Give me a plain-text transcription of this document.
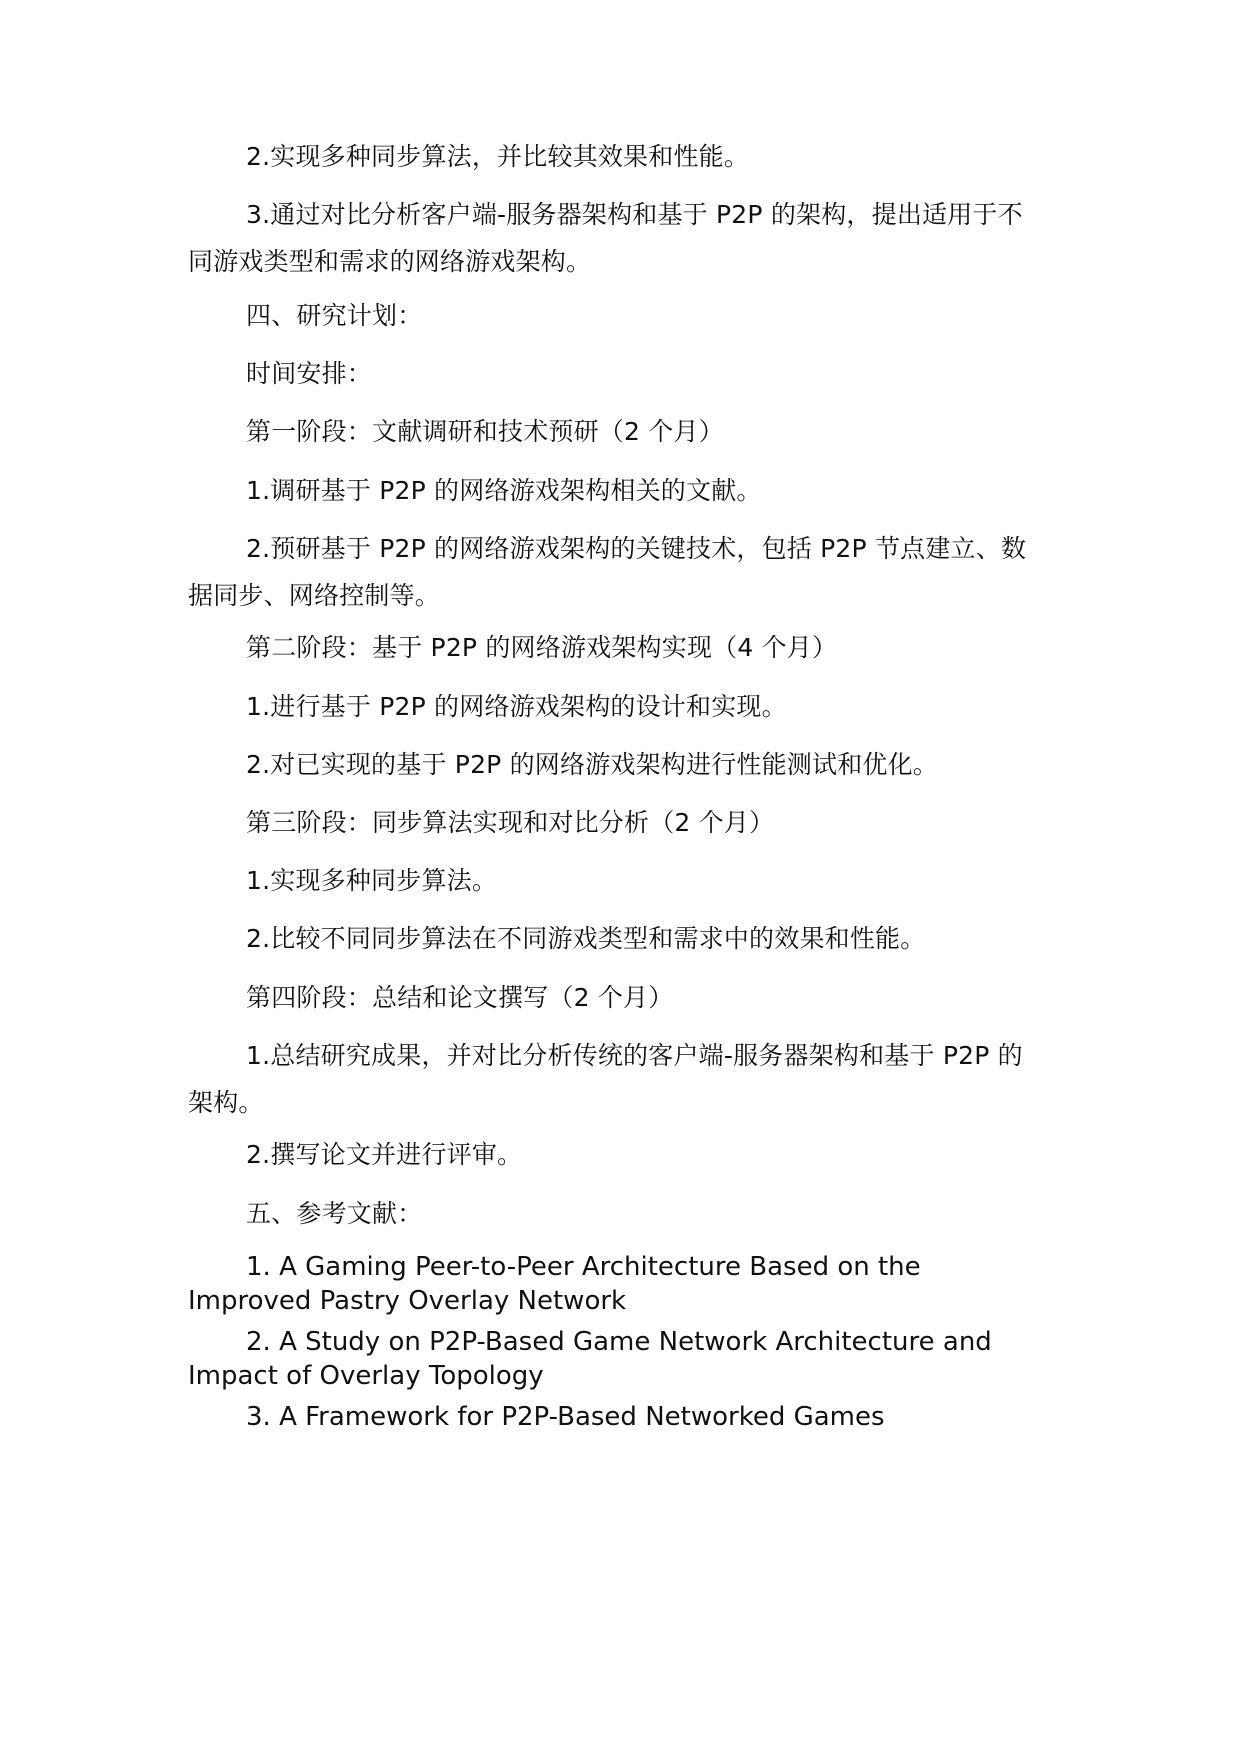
2.实现多种同步算法，并比较其效果和性能。

3.通过对比分析客户端-服务器架构和基于 P2P 的架构，提出适用于不同游戏类型和需求的网络游戏架构。

四、研究计划：

时间安排：

第一阶段：文献调研和技术预研（2 个月）

1.调研基于 P2P 的网络游戏架构相关的文献。

2.预研基于 P2P 的网络游戏架构的关键技术，包括 P2P 节点建立、数据同步、网络控制等。

第二阶段：基于 P2P 的网络游戏架构实现（4 个月）

1.进行基于 P2P 的网络游戏架构的设计和实现。

2.对已实现的基于 P2P 的网络游戏架构进行性能测试和优化。

第三阶段：同步算法实现和对比分析（2 个月）

1.实现多种同步算法。

2.比较不同同步算法在不同游戏类型和需求中的效果和性能。

第四阶段：总结和论文撰写（2 个月）

1.总结研究成果，并对比分析传统的客户端-服务器架构和基于 P2P 的架构。

2.撰写论文并进行评审。

五、参考文献：

1. A Gaming Peer-to-Peer Architecture Based on the Improved Pastry Overlay Network

2. A Study on P2P-Based Game Network Architecture and Impact of Overlay Topology

3. A Framework for P2P-Based Networked Games
